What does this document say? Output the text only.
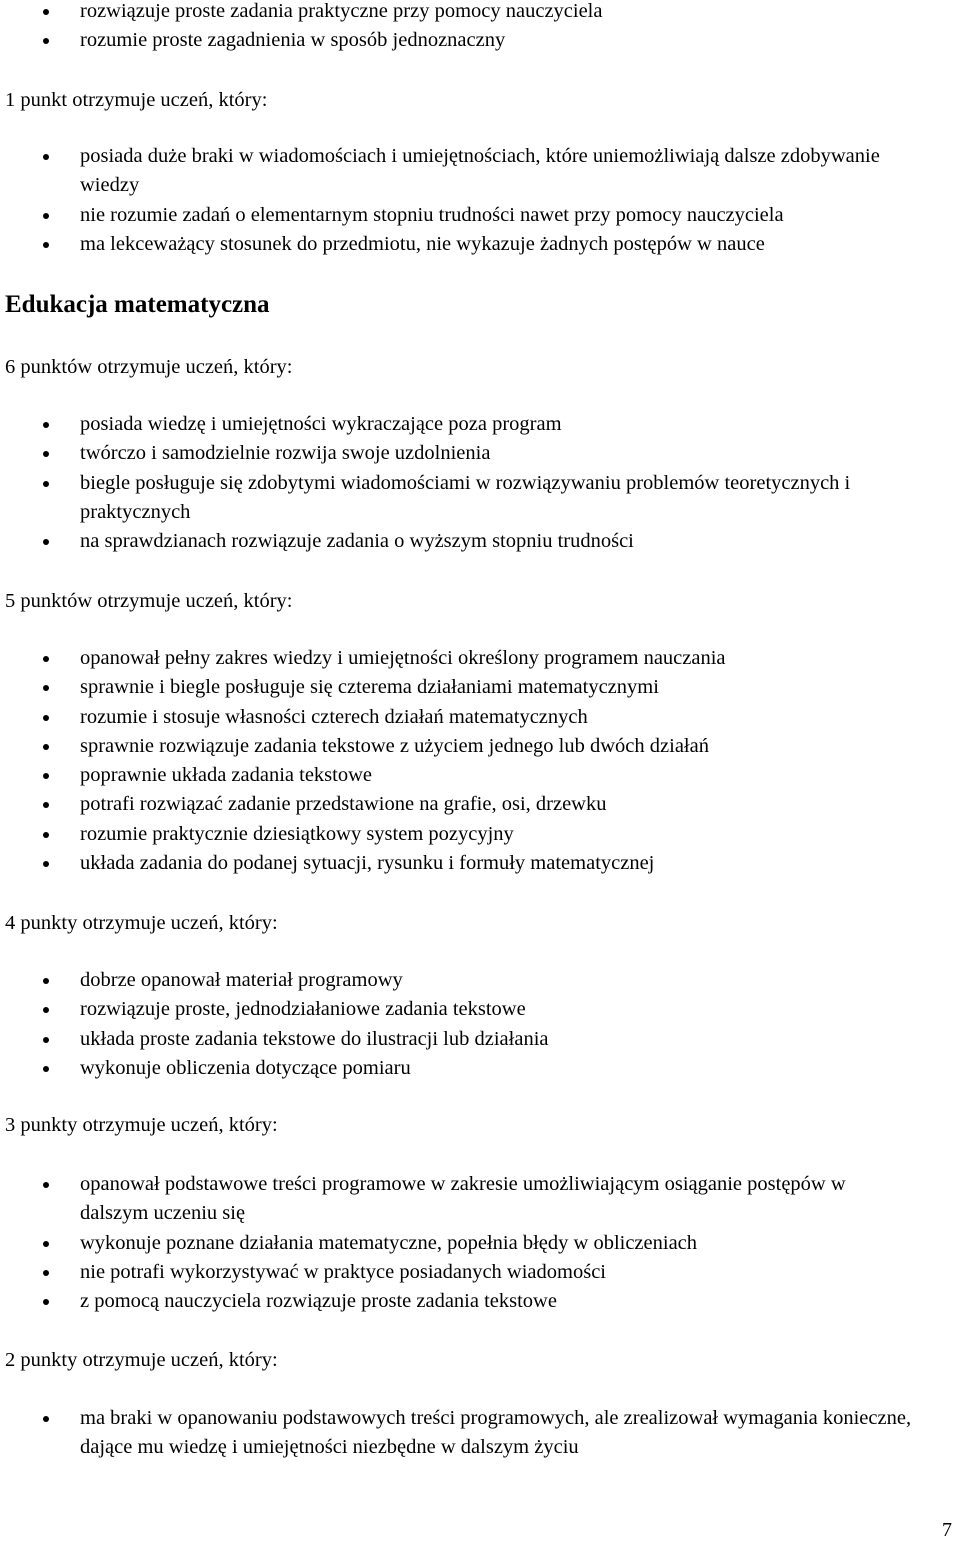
rozwiązuje proste zadania praktyczne przy pomocy nauczyciela
rozumie proste zagadnienia w sposób jednoznaczny
1 punkt otrzymuje uczeń, który:
posiada duże braki w wiadomościach i umiejętnościach, które uniemożliwiają dalsze zdobywanie wiedzy
nie rozumie zadań o elementarnym stopniu trudności nawet przy pomocy nauczyciela
ma lekceważący stosunek do przedmiotu, nie wykazuje żadnych postępów w nauce
Edukacja matematyczna
6 punktów otrzymuje uczeń, który:
posiada wiedzę i umiejętności wykraczające poza program
twórczo i samodzielnie rozwija swoje uzdolnienia
biegle posługuje się zdobytymi wiadomościami w rozwiązywaniu problemów teoretycznych i praktycznych
na sprawdzianach rozwiązuje zadania o wyższym stopniu trudności
5 punktów otrzymuje uczeń, który:
opanował pełny zakres wiedzy i umiejętności określony programem nauczania
sprawnie i biegle posługuje się czterema działaniami matematycznymi
rozumie i stosuje własności czterech działań matematycznych
sprawnie rozwiązuje zadania tekstowe z użyciem jednego lub dwóch działań
poprawnie układa zadania tekstowe
potrafi rozwiązać zadanie przedstawione na grafie, osi, drzewku
rozumie praktycznie dziesiątkowy system pozycyjny
układa zadania do podanej sytuacji, rysunku i formuły matematycznej
4 punkty otrzymuje uczeń, który:
dobrze opanował materiał programowy
rozwiązuje proste, jednodziałaniowe zadania tekstowe
układa proste zadania tekstowe do ilustracji lub działania
wykonuje obliczenia dotyczące pomiaru
3 punkty otrzymuje uczeń, który:
opanował podstawowe treści programowe w zakresie umożliwiającym osiąganie postępów w dalszym uczeniu się
wykonuje poznane działania matematyczne, popełnia błędy w obliczeniach
nie potrafi wykorzystywać w praktyce posiadanych wiadomości
z pomocą nauczyciela rozwiązuje proste zadania tekstowe
2 punkty otrzymuje uczeń, który:
ma braki w opanowaniu podstawowych treści programowych, ale zrealizował wymagania konieczne, dające mu wiedzę i umiejętności niezbędne w dalszym życiu
7
